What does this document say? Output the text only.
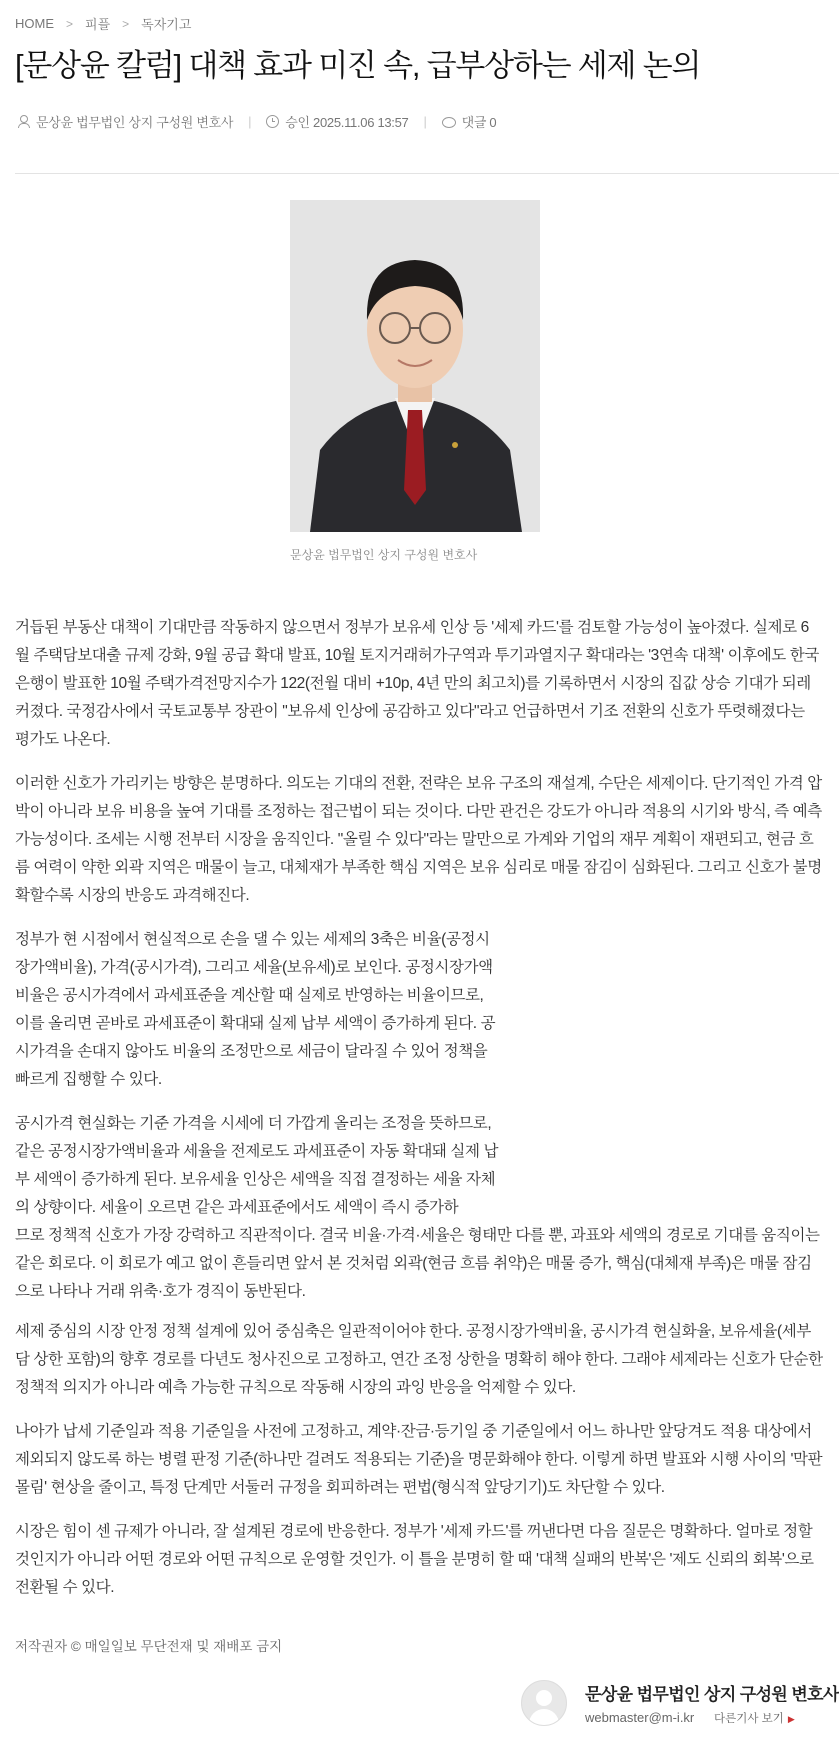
HOME > 피플 > 독자기고
[문상윤 칼럼] 대책 효과 미진 속, 급부상하는 세제 논의
문상윤 법무법인 상지 구성원 변호사 |	승인 2025.11.06 13:57 |	댓글 0
문상윤 법무법인 상지 구성원 변호사

거듭된 부동산 대책이 기대만큼 작동하지 않으면서 정부가 보유세 인상 등 '세제 카드'를 검토할 가능성이 높아졌다. 실제로 6월 주택담보대출 규제 강화, 9월 공급 확대 발표, 10월 토지거래허가구역과 투기과열지구 확대라는 '3연속 대책' 이후에도 한국은행이 발표한 10월 주택가격전망지수가 122(전월 대비 +10p, 4년 만의 최고치)를 기록하면서 시장의 집값 상승 기대가 되레 커졌다. 국정감사에서 국토교통부 장관이 "보유세 인상에 공감하고 있다"라고 언급하면서 기조 전환의 신호가 뚜렷해졌다는 평가도 나온다.

이러한 신호가 가리키는 방향은 분명하다. 의도는 기대의 전환, 전략은 보유 구조의 재설계, 수단은 세제이다. 단기적인 가격 압박이 아니라 보유 비용을 높여 기대를 조정하는 접근법이 되는 것이다. 다만 관건은 강도가 아니라 적용의 시기와 방식, 즉 예측 가능성이다. 조세는 시행 전부터 시장을 움직인다. "올릴 수 있다"라는 말만으로 가계와 기업의 재무 계획이 재편되고, 현금 흐름 여력이 약한 외곽 지역은 매물이 늘고, 대체재가 부족한 핵심 지역은 보유 심리로 매물 잠김이 심화된다. 그리고 신호가 불명확할수록 시장의 반응도 과격해진다.

정부가 현 시점에서 현실적으로 손을 댈 수 있는 세제의 3축은 비율(공정시장가액비율), 가격(공시가격), 그리고 세율(보유세)로 보인다. 공정시장가액비율은 공시가격에서 과세표준을 계산할 때 실제로 반영하는 비율이므로, 이를 올리면 곧바로 과세표준이 확대돼 실제 납부 세액이 증가하게 된다. 공시가격을 손대지 않아도 비율의 조정만으로 세금이 달라질 수 있어 정책을 빠르게 집행할 수 있다.

공시가격 현실화는 기준 가격을 시세에 더 가깝게 올리는 조정을 뜻하므로, 같은 공정시장가액비율과 세율을 전제로도 과세표준이 자동 확대돼 실제 납부 세액이 증가하게 된다. 보유세율 인상은 세액을 직접 결정하는 세율 자체의 상향이다. 세율이 오르면 같은 과세표준에서도 세액이 즉시 증가하

므로 정책적 신호가 가장 강력하고 직관적이다. 결국 비율·가격·세율은 형태만 다를 뿐, 과표와 세액의 경로로 기대를 움직이는 같은 회로다. 이 회로가 예고 없이 흔들리면 앞서 본 것처럼 외곽(현금 흐름 취약)은 매물 증가, 핵심(대체재 부족)은 매물 잠김으로 나타나 거래 위축·호가 경직이 동반된다.

세제 중심의 시장 안정 정책 설계에 있어 중심축은 일관적이어야 한다. 공정시장가액비율, 공시가격 현실화율, 보유세율(세부담 상한 포함)의 향후 경로를 다년도 청사진으로 고정하고, 연간 조정 상한을 명확히 해야 한다. 그래야 세제라는 신호가 단순한 정책적 의지가 아니라 예측 가능한 규칙으로 작동해 시장의 과잉 반응을 억제할 수 있다.

나아가 납세 기준일과 적용 기준일을 사전에 고정하고, 계약·잔금·등기일 중 기준일에서 어느 하나만 앞당겨도 적용 대상에서 제외되지 않도록 하는 병렬 판정 기준(하나만 걸려도 적용되는 기준)을 명문화해야 한다. 이렇게 하면 발표와 시행 사이의 '막판 몰림' 현상을 줄이고, 특정 단계만 서둘러 규정을 회피하려는 편법(형식적 앞당기기)도 차단할 수 있다.

시장은 힘이 센 규제가 아니라, 잘 설계된 경로에 반응한다. 정부가 '세제 카드'를 꺼낸다면 다음 질문은 명확하다. 얼마로 정할 것인지가 아니라 어떤 경로와 어떤 규칙으로 운영할 것인가. 이 틀을 분명히 할 때 '대책 실패의 반복'은 '제도 신뢰의 회복'으로 전환될 수 있다.

저작권자 © 매일일보 무단전재 및 재배포 금지
문상윤 법무법인 상지 구성원 변호사
webmaster@m-i.kr 다른기사 보기 ▶
